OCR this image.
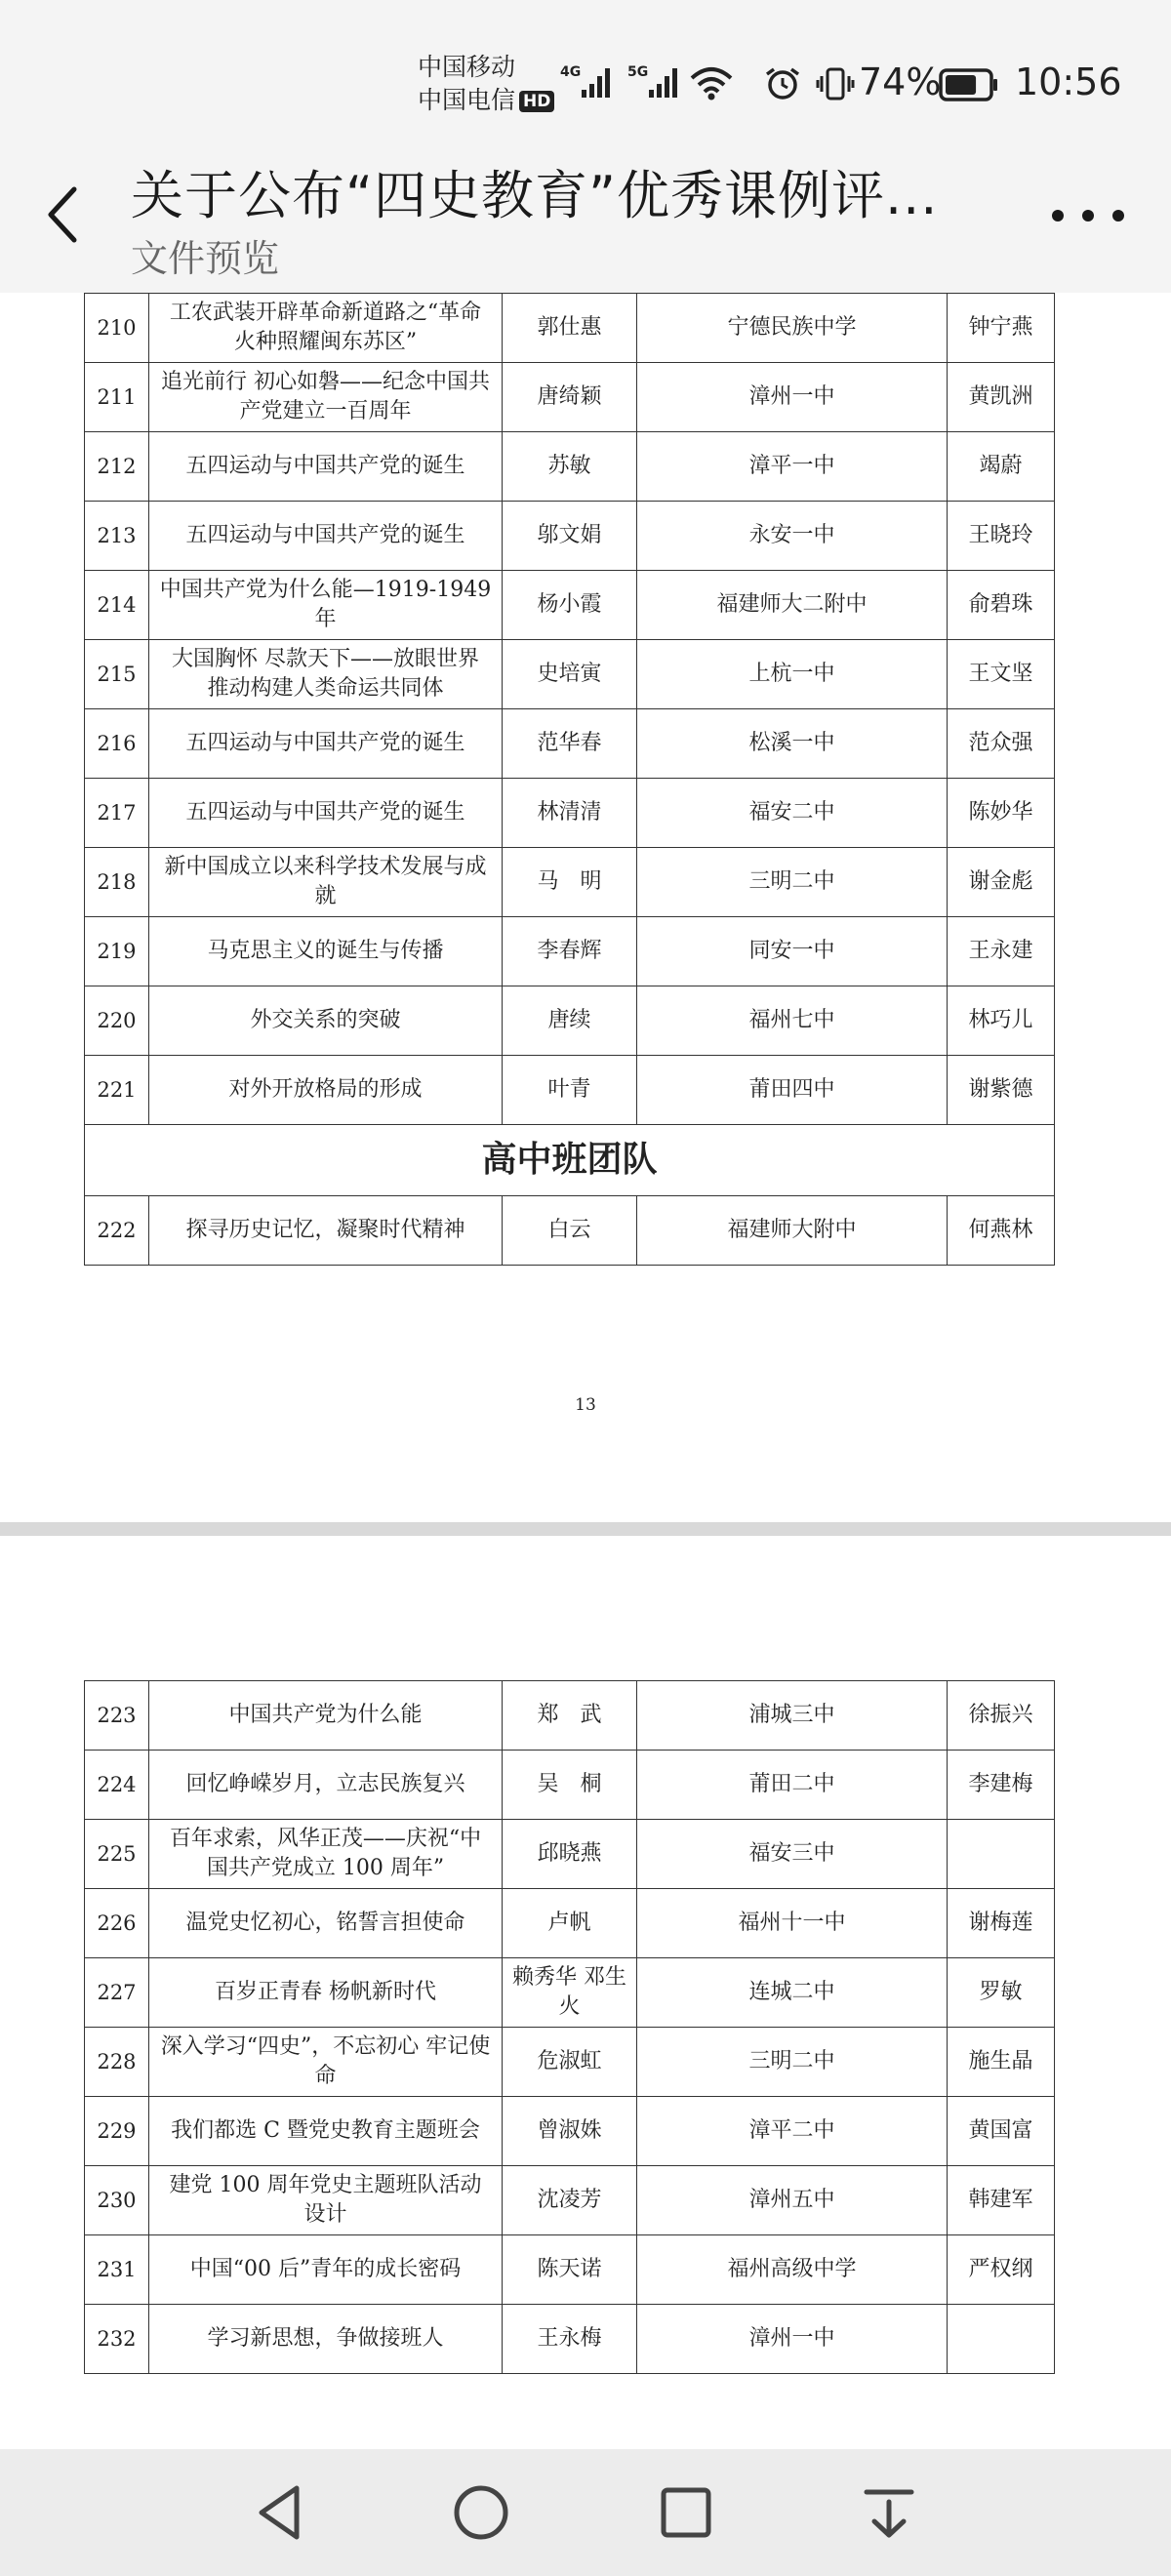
中国移动
中国电信 HD
4G	5G	74% 10:56
关于公布“四史教育”优秀课例评...
文件预览
210	工农武装开辟革命新道路之“革命火种照耀闽东苏区”	郭仕惠	宁德民族中学	钟宁燕
211	追光前行 初心如磐——纪念中国共产党建立一百周年	唐绮颖	漳州一中	黄凯洲
212	五四运动与中国共产党的诞生	苏敏	漳平一中	竭蔚
213	五四运动与中国共产党的诞生	邬文娟	永安一中	王晓玲
214	中国共产党为什么能—1919-1949 年	杨小霞	福建师大二附中	俞碧珠
215	大国胸怀 尽款天下——放眼世界 推动构建人类命运共同体	史培寅	上杭一中	王文坚
216	五四运动与中国共产党的诞生	范华春	松溪一中	范众强
217	五四运动与中国共产党的诞生	林清清	福安二中	陈妙华
218	新中国成立以来科学技术发展与成就	马　明	三明二中	谢金彪
219	马克思主义的诞生与传播	李春辉	同安一中	王永建
220	外交关系的突破	唐续	福州七中	林巧儿
221	对外开放格局的形成	叶青	莆田四中	谢紫德
高中班团队				
222	探寻历史记忆，凝聚时代精神	白云	福建师大附中	何燕林
13
223	中国共产党为什么能	郑　武	浦城三中	徐振兴
224	回忆峥嵘岁月，立志民族复兴	吴　桐	莆田二中	李建梅
225	百年求索，风华正茂——庆祝“中国共产党成立 100 周年”	邱晓燕	福安三中	
226	温党史忆初心，铭誓言担使命	卢帆	福州十一中	谢梅莲
227	百岁正青春 杨帆新时代	赖秀华 邓生火	连城二中	罗敏
228	深入学习“四史”，不忘初心 牢记使命	危淑虹	三明二中	施生晶
229	我们都选 C 暨党史教育主题班会	曾淑姝	漳平二中	黄国富
230	建党 100 周年党史主题班队活动设计	沈凌芳	漳州五中	韩建军
231	中国“00 后”青年的成长密码	陈天诺	福州高级中学	严权纲
232	学习新思想，争做接班人	王永梅	漳州一中	
